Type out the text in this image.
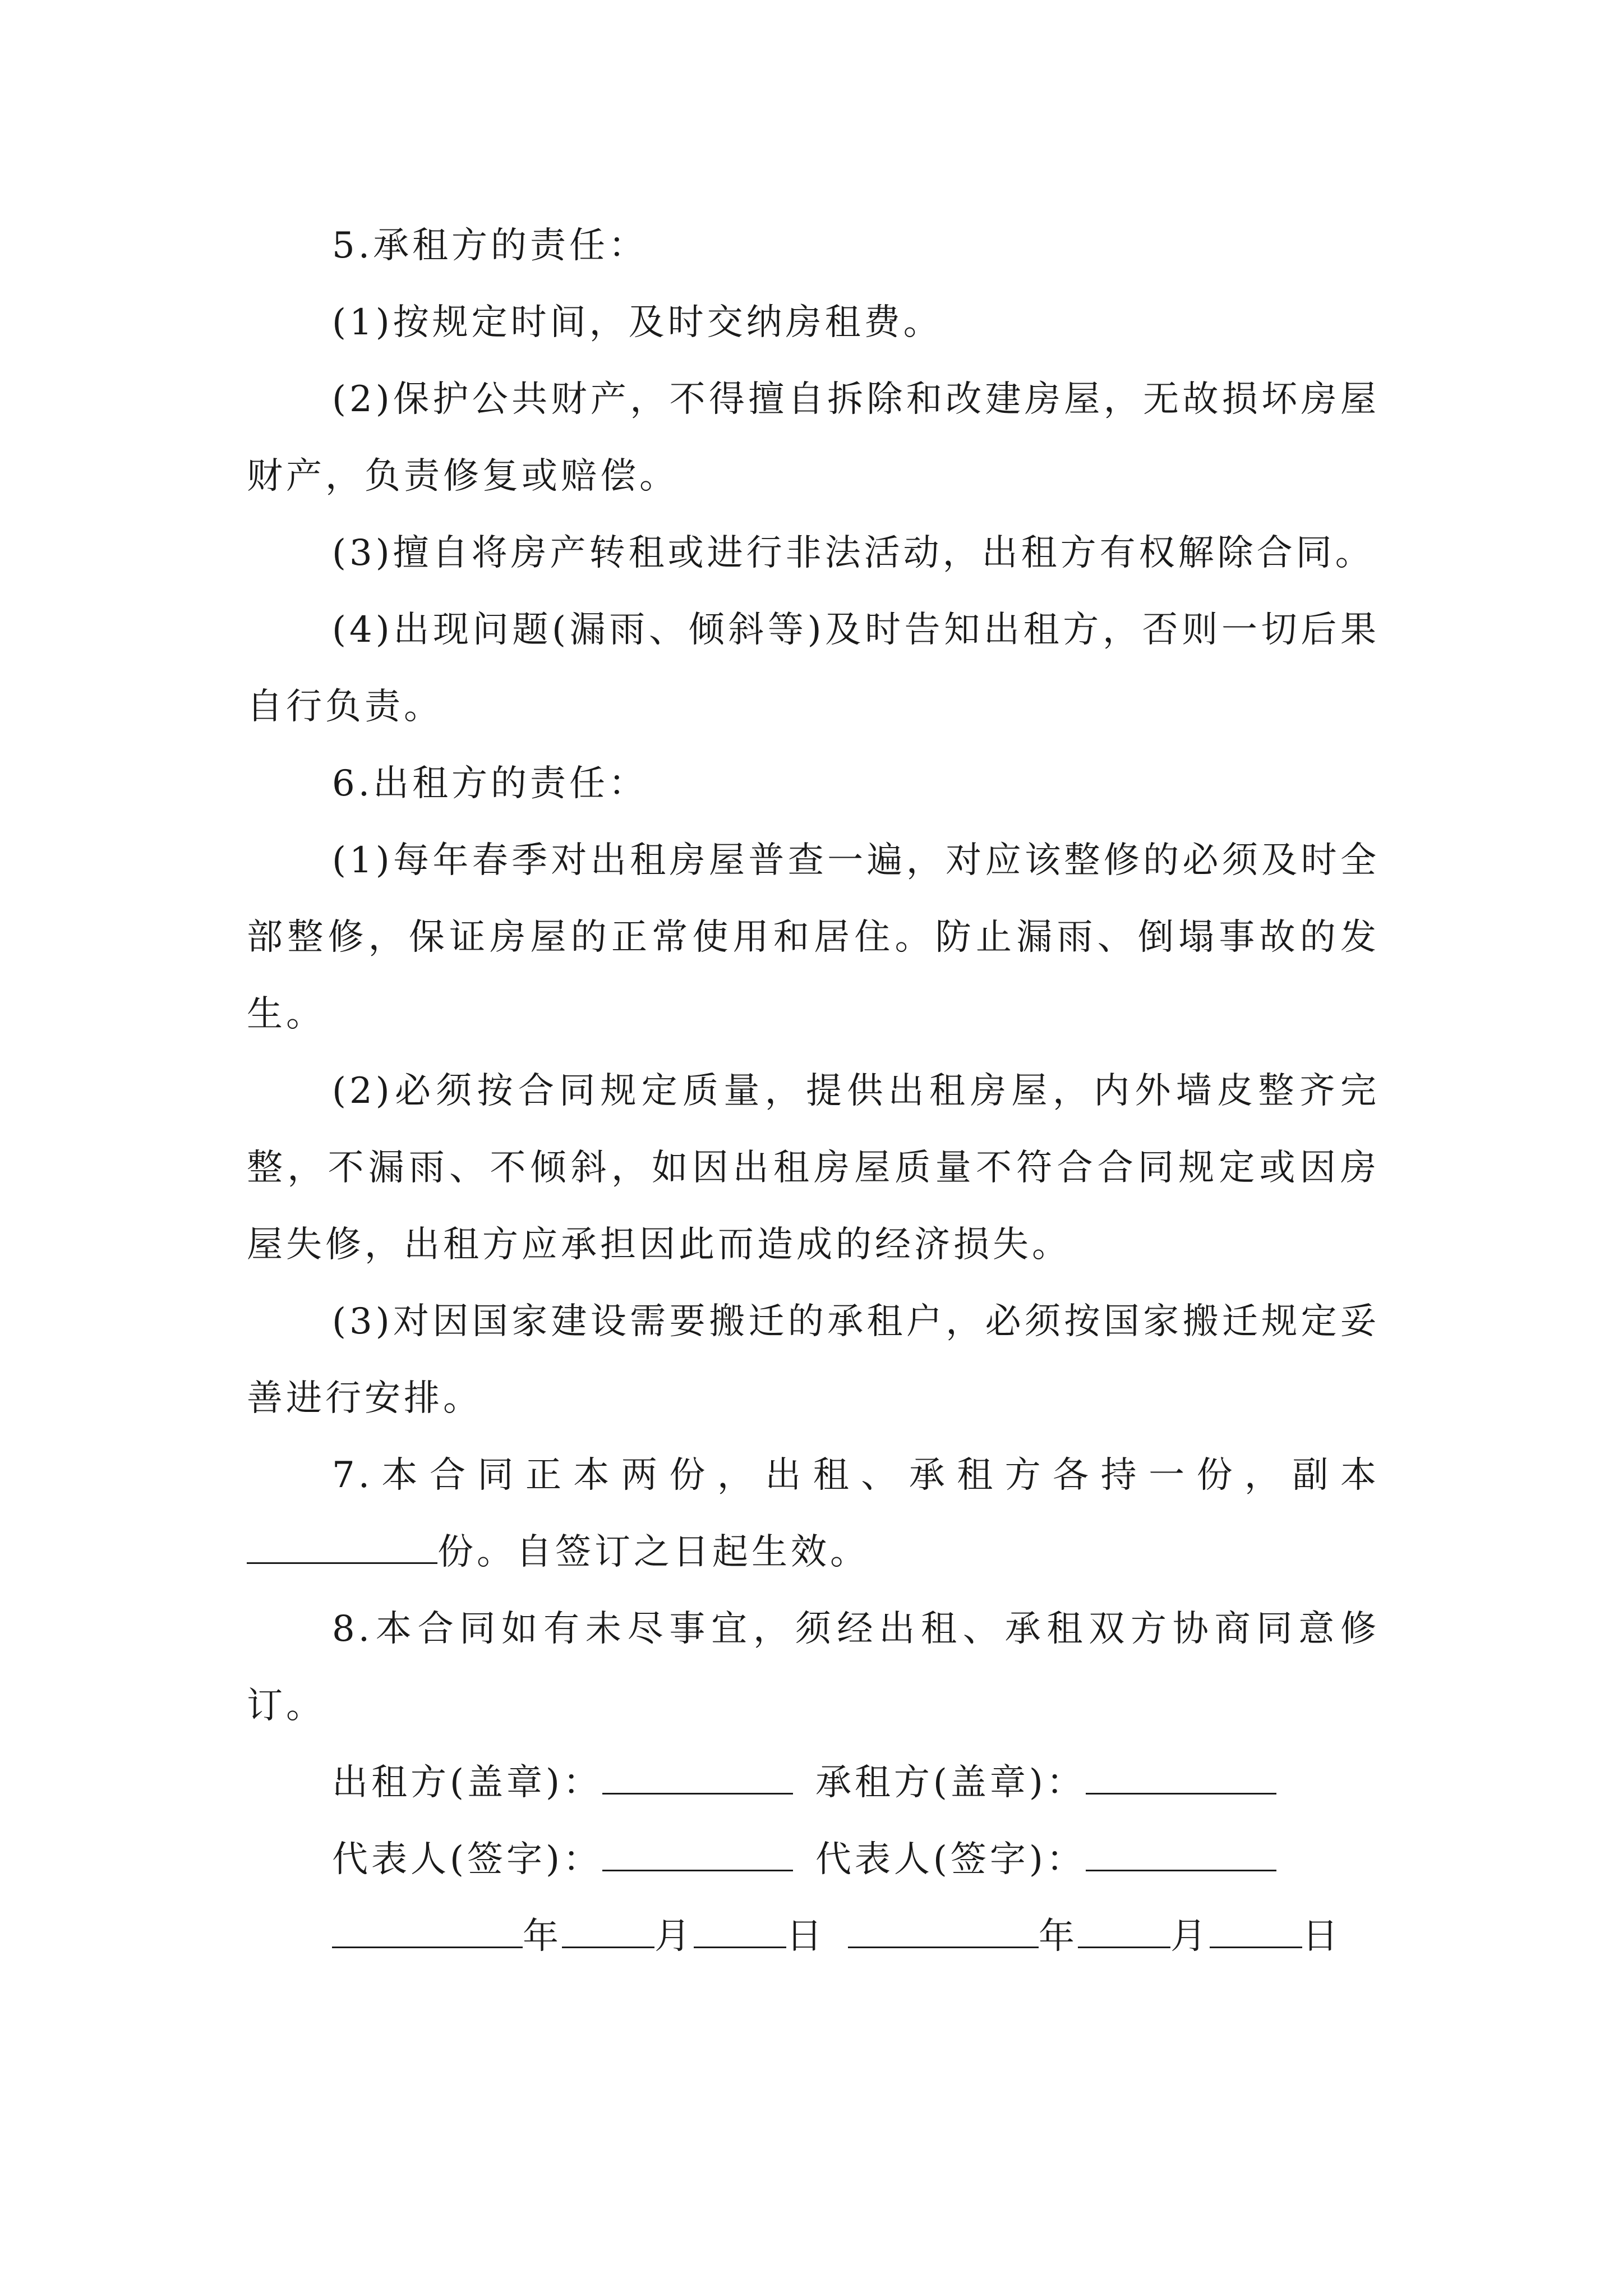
5.承租方的责任：

(1)按规定时间，及时交纳房租费。

(2)保护公共财产，不得擅自拆除和改建房屋，无故损坏房屋财产，负责修复或赔偿。

(3)擅自将房产转租或进行非法活动，出租方有权解除合同。

(4)出现问题(漏雨、倾斜等)及时告知出租方，否则一切后果自行负责。

6.出租方的责任：

(1)每年春季对出租房屋普查一遍，对应该整修的必须及时全部整修，保证房屋的正常使用和居住。防止漏雨、倒塌事故的发生。

(2)必须按合同规定质量，提供出租房屋，内外墙皮整齐完整，不漏雨、不倾斜，如因出租房屋质量不符合合同规定或因房屋失修，出租方应承担因此而造成的经济损失。

(3)对因国家建设需要搬迁的承租户，必须按国家搬迁规定妥善进行安排。

7.本合同正本两份，出租、承租方各持一份，副本份。自签订之日起生效。

8.本合同如有未尽事宜，须经出租、承租双方协商同意修订。

出租方(盖章)：	承租方(盖章)：

代表人(签字)：	代表人(签字)：

年	月	日	年	月	日
